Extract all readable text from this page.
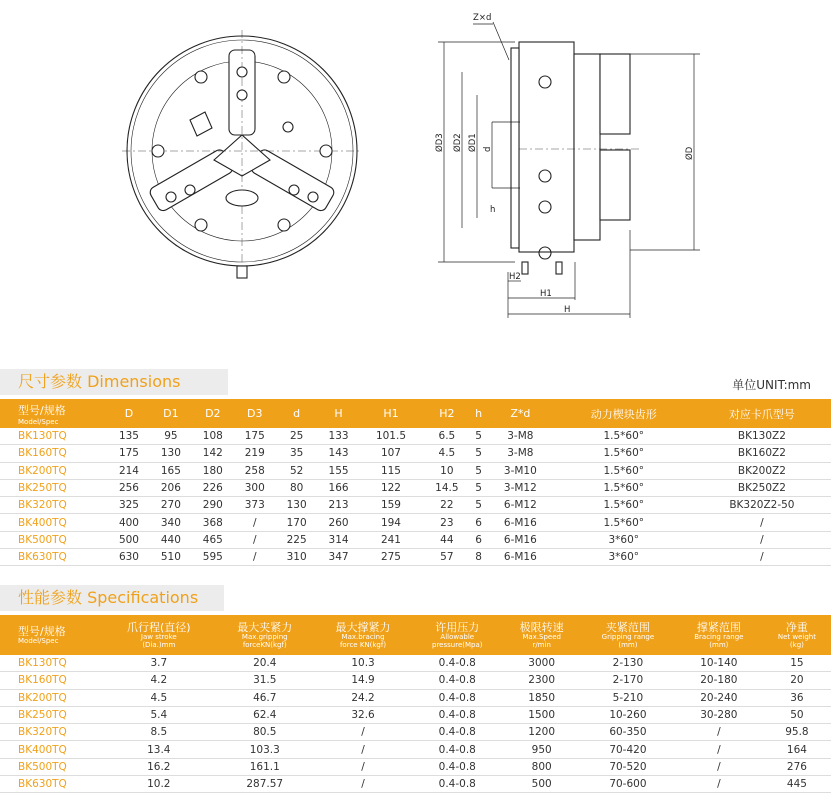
Z×d
ØD3 ØD2 ØD1 d
h
ØD
H2
H1
H
尺寸参数 Dimensions	单位UNIT:mm
型号/规格
Model/Spec	D	D1	D2	D3	d	H	H1	H2	h	Z*d	动力楔块齿形	对应卡爪型号
BK130TQ	135	95	108	175	25	133	101.5	6.5	5	3-M8	1.5*60°	BK130Z2
BK160TQ	175	130	142	219	35	143	107	4.5	5	3-M8	1.5*60°	BK160Z2
BK200TQ	214	165	180	258	52	155	115	10	5	3-M10	1.5*60°	BK200Z2
BK250TQ	256	206	226	300	80	166	122	14.5	5	3-M12	1.5*60°	BK250Z2
BK320TQ	325	270	290	373	130	213	159	22	5	6-M12	1.5*60°	BK320Z2-50
BK400TQ	400	340	368	/	170	260	194	23	6	6-M16	1.5*60°	/
BK500TQ	500	440	465	/	225	314	241	44	6	6-M16	3*60°	/
BK630TQ	630	510	595	/	310	347	275	57	8	6-M16	3*60°	/
性能参数 Specifications
型号/规格
Model/Spec	爪行程(直径)
Jaw stroke
(Dia.)mm	最大夹紧力
Max.gripping
forceKN(kgf)	最大撑紧力
Max.bracing
force KN(kgf)	许用压力
Allowable
pressure(Mpa)	极限转速
Max.Speed
r/min	夹紧范围
Gripping range
(mm)	撑紧范围
Bracing range
(mm)	净重
Net weight
(kg)

BK130TQ	3.7	20.4	10.3	0.4-0.8	3000	2-130	10-140	15
BK160TQ	4.2	31.5	14.9	0.4-0.8	2300	2-170	20-180	20
BK200TQ	4.5	46.7	24.2	0.4-0.8	1850	5-210	20-240	36
BK250TQ	5.4	62.4	32.6	0.4-0.8	1500	10-260	30-280	50
BK320TQ	8.5	80.5	/	0.4-0.8	1200	60-350	/	95.8
BK400TQ	13.4	103.3	/	0.4-0.8	950	70-420	/	164
BK500TQ	16.2	161.1	/	0.4-0.8	800	70-520	/	276
BK630TQ	10.2	287.57	/	0.4-0.8	500	70-600	/	445
